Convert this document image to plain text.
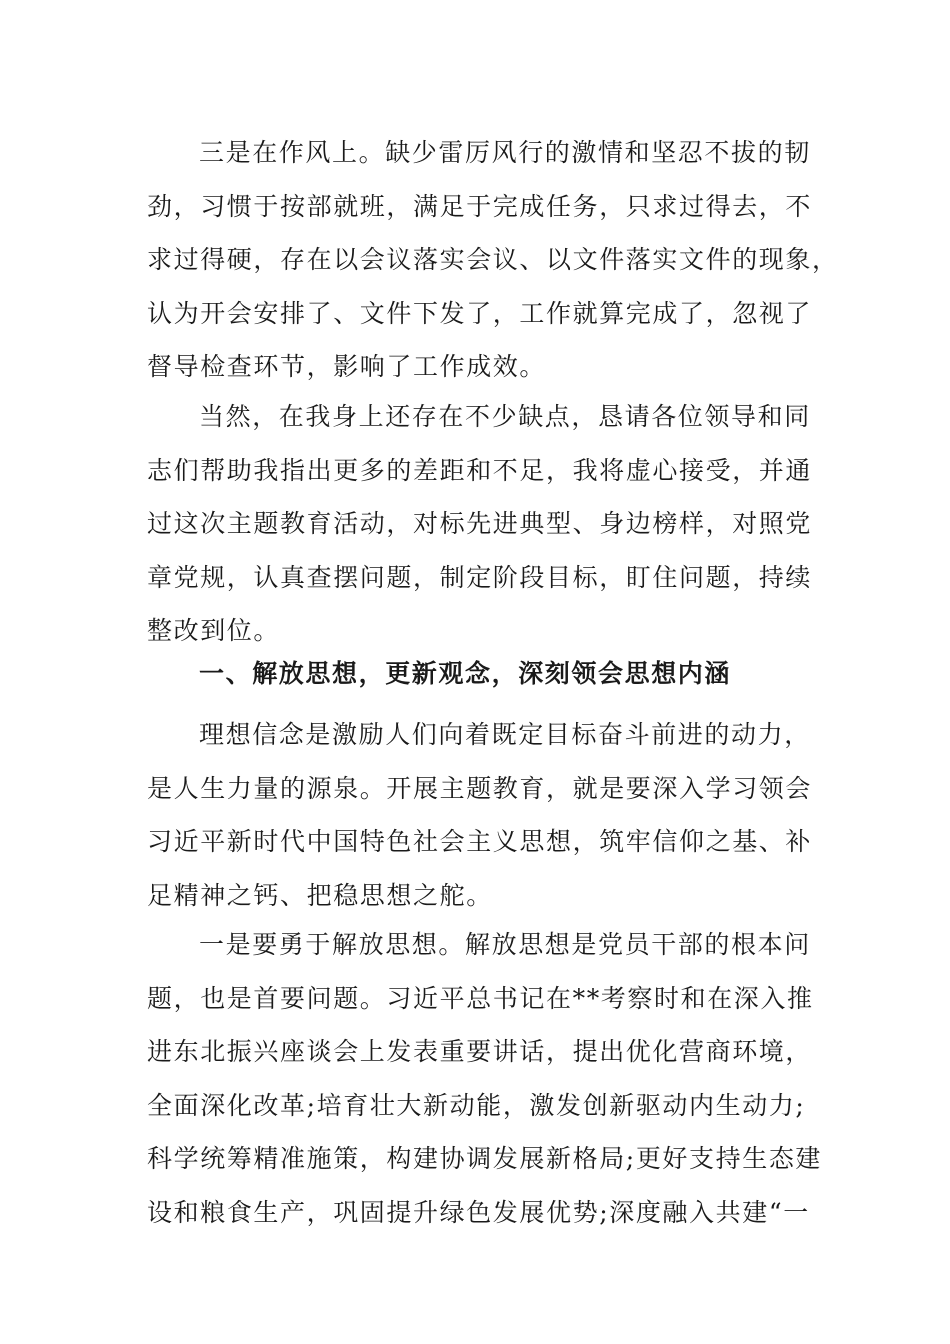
三是在作风上。缺少雷厉风行的激情和坚忍不拔的韧
劲，习惯于按部就班，满足于完成任务，只求过得去，不
求过得硬，存在以会议落实会议、以文件落实文件的现象，
认为开会安排了、文件下发了，工作就算完成了，忽视了
督导检查环节，影响了工作成效。
当然，在我身上还存在不少缺点，恳请各位领导和同
志们帮助我指出更多的差距和不足，我将虚心接受，并通
过这次主题教育活动，对标先进典型、身边榜样，对照党
章党规，认真查摆问题，制定阶段目标，盯住问题，持续
整改到位。
一、解放思想，更新观念，深刻领会思想内涵
理想信念是激励人们向着既定目标奋斗前进的动力，
是人生力量的源泉。开展主题教育，就是要深入学习领会
习近平新时代中国特色社会主义思想，筑牢信仰之基、补
足精神之钙、把稳思想之舵。
一是要勇于解放思想。解放思想是党员干部的根本问
题，也是首要问题。习近平总书记在**考察时和在深入推
进东北振兴座谈会上发表重要讲话，提出优化营商环境，
全面深化改革;培育壮大新动能，激发创新驱动内生动力;
科学统筹精准施策，构建协调发展新格局;更好支持生态建
设和粮食生产，巩固提升绿色发展优势;深度融入共建“一
